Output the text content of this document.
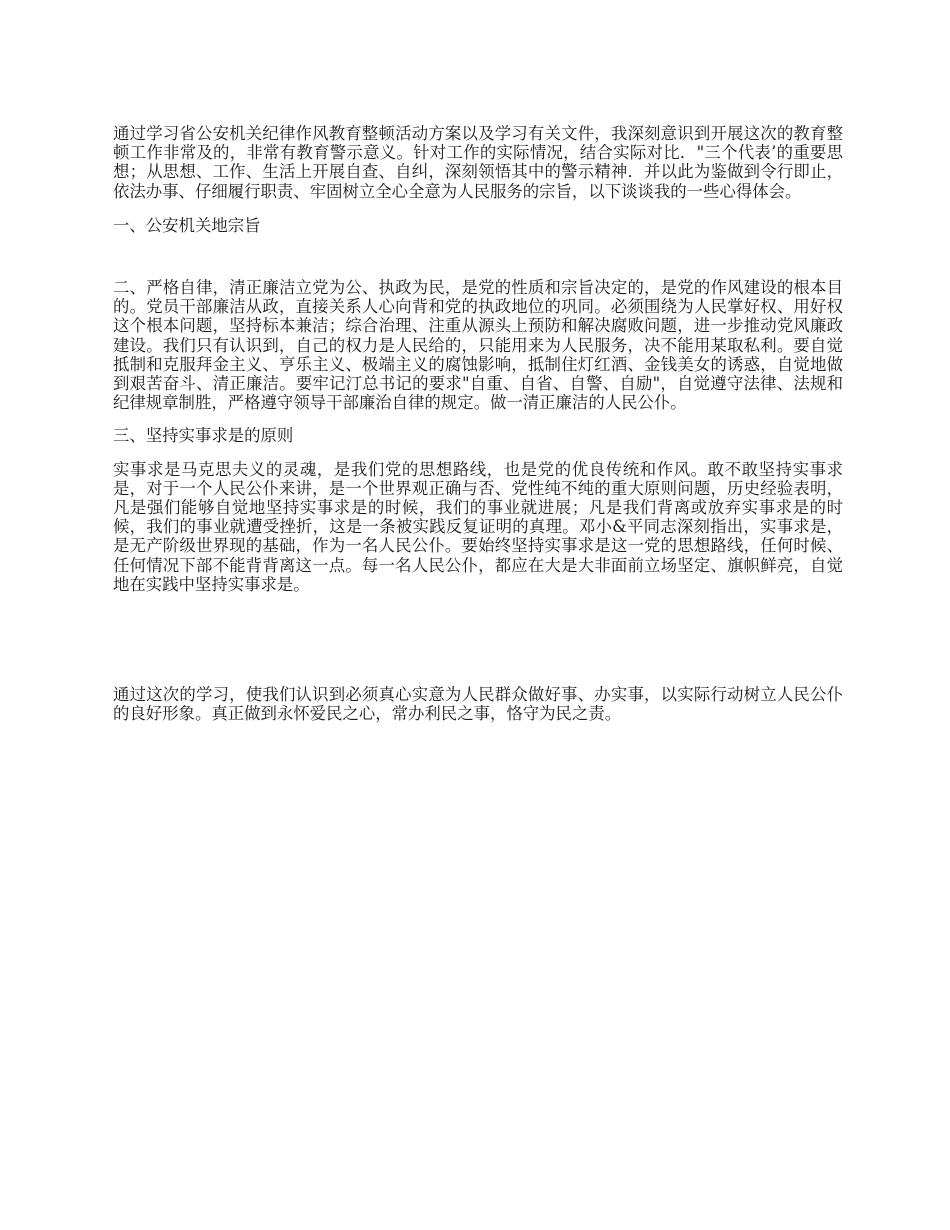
通过学习省公安机关纪律作风教育整顿活动方案以及学习有关文件，我深刻意识到开展这次的教育整顿工作非常及的，非常有教育警示意义。针对工作的实际情况，结合实际对比．"三个代表’的重要思想；从思想、工作、生活上开展自查、自纠，深刻领悟其中的警示精神．并以此为鉴做到令行即止，依法办事、仔细履行职责、牢固树立全心全意为人民服务的宗旨，以下谈谈我的一些心得体会。

一、公安机关地宗旨

二、严格自律，清正廉洁立党为公、执政为民，是党的性质和宗旨决定的，是党的作风建设的根本目的。党员干部廉洁从政，直接关系人心向背和党的执政地位的巩同。必须围绕为人民掌好权、用好权这个根本问题，坚持标本兼洁；综合治理、注重从源头上预防和解决腐败问题，进一步推动党风廉政建设。我们只有认识到，自己的权力是人民给的，只能用来为人民服务，决不能用某取私利。要自觉抵制和克服拜金主义、亨乐主义、极端主义的腐蚀影响，抵制住灯红酒、金钱美女的诱惑，自觉地做到艰苦奋斗、清正廉洁。要牢记汀总书记的要求"自重、自省、自警、自励"，自觉遵守法律、法规和纪律规章制胜，严格遵守领导干部廉治自律的规定。做一清正廉洁的人民公仆。

三、坚持实事求是的原则

实事求是马克思夫义的灵魂，是我们党的思想路线，也是党的优良传统和作风。敢不敢坚持实事求是，对于一个人民公仆来讲，是一个世界观正确与否、党性纯不纯的重大原则问题，历史经验表明，凡是强们能够自觉地坚持实事求是的时候，我们的事业就进展；凡是我们背离或放弃实事求是的时候，我们的事业就遭受挫折，这是一条被实践反复证明的真理。邓小&平同志深刻指出，实事求是，是无产阶级世界现的基础，作为一名人民公仆。要始终坚持实事求是这一党的思想路线，任何时候、任何情况下部不能背背离这一点。每一名人民公仆，都应在大是大非面前立场坚定、旗帜鲜亮，自觉地在实践中坚持实事求是。

通过这次的学习，使我们认识到必须真心实意为人民群众做好事、办实事，以实际行动树立人民公仆的良好形象。真正做到永怀爱民之心，常办利民之事，恪守为民之责。
